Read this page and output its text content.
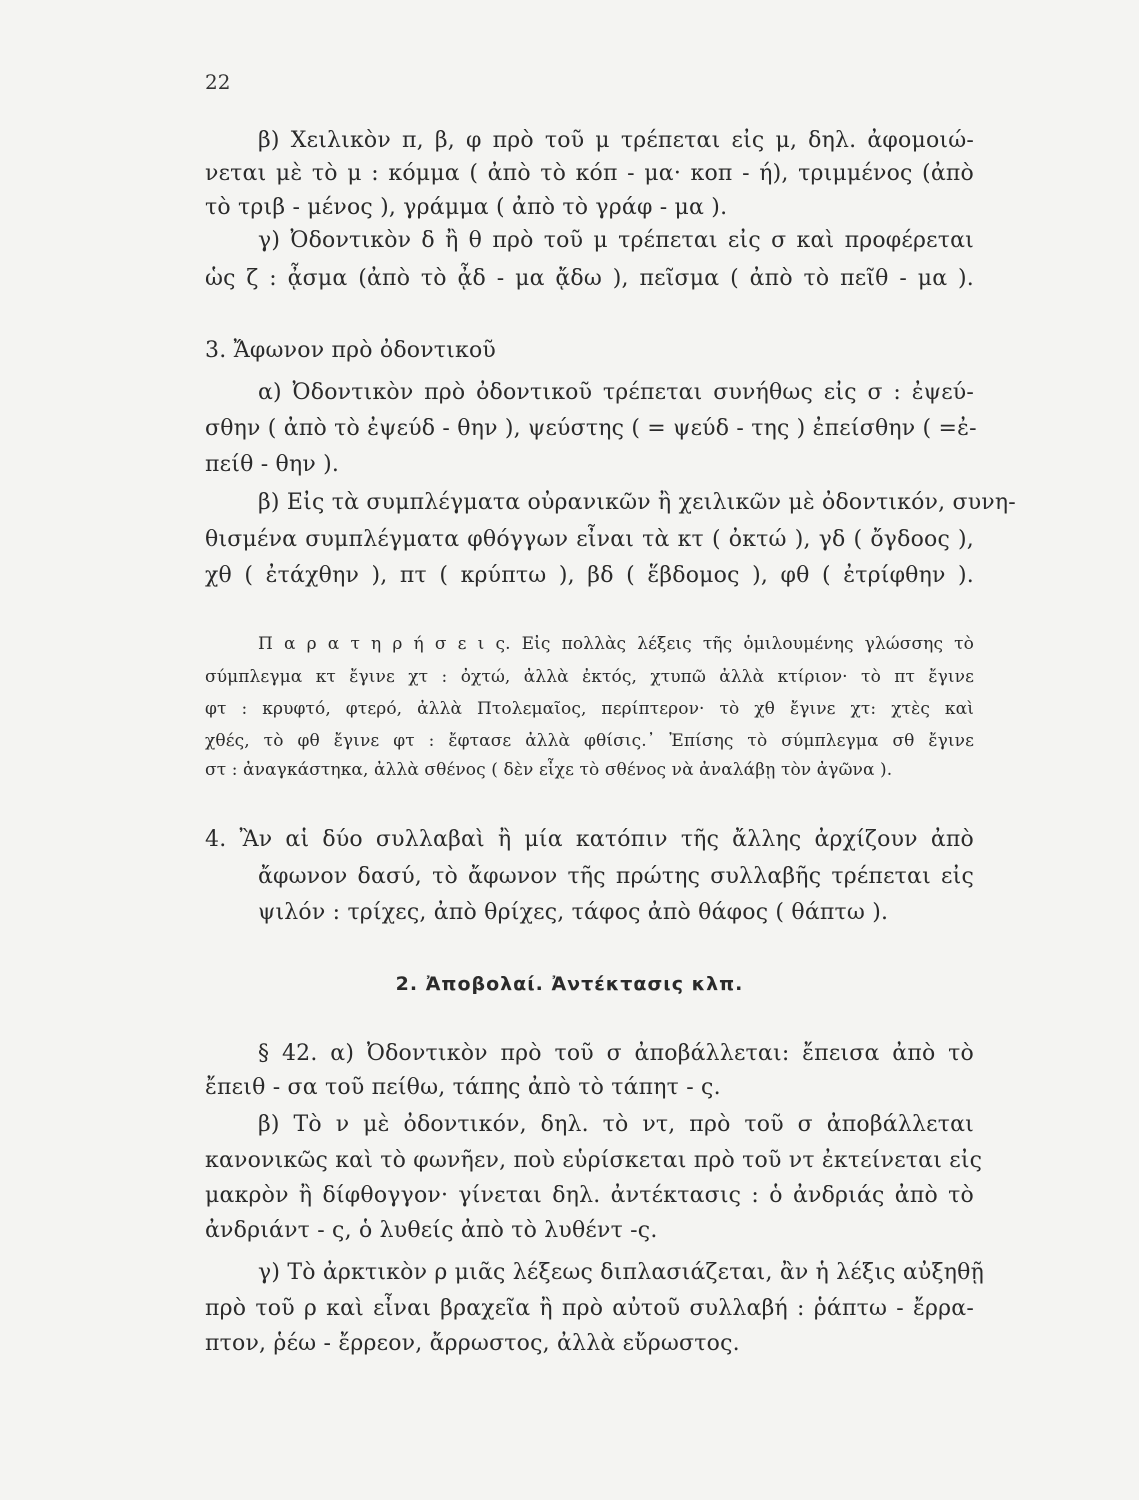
22
β) Χειλικὸν π, β, φ πρὸ τοῦ μ τρέπεται εἰς μ, δηλ. ἀφομοιώ-
νεται μὲ τὸ μ : κόμμα ( ἀπὸ τὸ κόπ - μα· κοπ - ή), τριμμένος (ἀπὸ
τὸ τριβ - μένος ), γράμμα ( ἀπὸ τὸ γράφ - μα ).
γ) Ὀδοντικὸν δ ἢ θ πρὸ τοῦ μ τρέπεται εἰς σ καὶ προφέρεται
ὡς ζ : ᾆσμα (ἀπὸ τὸ ᾆδ - μα ᾄδω ), πεῖσμα ( ἀπὸ τὸ πεῖθ - μα ).
3. Ἄφωνον πρὸ ὀδοντικοῦ
α) Ὀδοντικὸν πρὸ ὀδοντικοῦ τρέπεται συνήθως εἰς σ : ἐψεύ-
σθην ( ἀπὸ τὸ ἐψεύδ - θην ), ψεύστης ( = ψεύδ - της ) ἐπείσθην ( =ἐ-
πείθ - θην ).
β) Εἰς τὰ συμπλέγματα οὐρανικῶν ἢ χειλικῶν μὲ ὀδοντικόν, συνη-
θισμένα συμπλέγματα φθόγγων εἶναι τὰ κτ ( ὀκτώ ), γδ ( ὄγδοος ),
χθ ( ἐτάχθην ), πτ ( κρύπτω ), βδ ( ἕβδομος ), φθ ( ἐτρίφθην ).
Π α ρ α τ η ρ ή σ ε ι ς. Εἰς πολλὰς λέξεις τῆς ὁμιλουμένης γλώσσης τὸ
σύμπλεγμα κτ ἔγινε χτ : ὀχτώ, ἀλλὰ ἐκτός, χτυπῶ ἀλλὰ κτίριον· τὸ πτ ἔγινε
φτ : κρυφτό, φτερό, ἀλλὰ Πτολεμαῖος, περίπτερον· τὸ χθ ἔγινε χτ: χτὲς καὶ
χθές, τὸ φθ ἔγινε φτ : ἔφτασε ἀλλὰ φθίσις.᾽ Ἐπίσης τὸ σύμπλεγμα σθ ἔγινε
στ : ἀναγκάστηκα, ἀλλὰ σθένος ( δὲν εἶχε τὸ σθένος νὰ ἀναλάβῃ τὸν ἀγῶνα ).
4. Ἂν αἱ δύο συλλαβαὶ ἢ μία κατόπιν τῆς ἄλλης ἀρχίζουν ἀπὸ
ἄφωνον δασύ, τὸ ἄφωνον τῆς πρώτης συλλαβῆς τρέπεται εἰς
ψιλόν : τρίχες, ἀπὸ θρίχες, τάφος ἀπὸ θάφος ( θάπτω ).
2. Ἀποβολαί. Ἀντέκτασις κλπ.
§ 42. α) Ὀδοντικὸν πρὸ τοῦ σ ἀποβάλλεται: ἔπεισα ἀπὸ τὸ
ἔπειθ - σα τοῦ πείθω, τάπης ἀπὸ τὸ τάπητ - ς.
β) Τὸ ν μὲ ὀδοντικόν, δηλ. τὸ ντ, πρὸ τοῦ σ ἀποβάλλεται
κανονικῶς καὶ τὸ φωνῆεν, ποὺ εὑρίσκεται πρὸ τοῦ ντ ἐκτείνεται εἰς
μακρὸν ἢ δίφθογγον· γίνεται δηλ. ἀντέκτασις : ὁ ἀνδριάς ἀπὸ τὸ
ἀνδριάντ - ς, ὁ λυθείς ἀπὸ τὸ λυθέντ -ς.
γ) Τὸ ἀρκτικὸν ρ μιᾶς λέξεως διπλασιάζεται, ἂν ἡ λέξις αὐξηθῇ
πρὸ τοῦ ρ καὶ εἶναι βραχεῖα ἢ πρὸ αὐτοῦ συλλαβή : ῥάπτω - ἔρρα-
πτον, ῥέω - ἔρρεον, ἄρρωστος, ἀλλὰ εὔρωστος.
